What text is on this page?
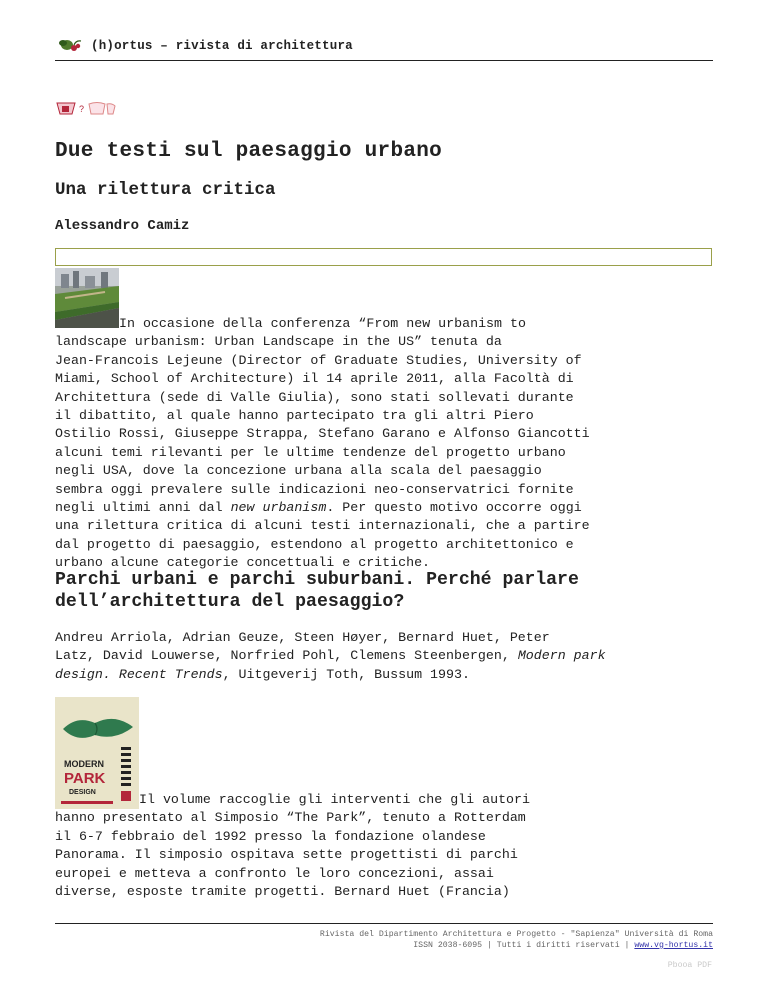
(h)ortus – rivista di architettura
?
Due testi sul paesaggio urbano
Una rilettura critica

Alessandro Camiz

In occasione della conferenza “From new urbanism to
landscape urbanism: Urban Landscape in the US” tenuta da
Jean-Francois Lejeune (Director of Graduate Studies, University of
Miami, School of Architecture) il 14 aprile 2011, alla Facoltà di
Architettura (sede di Valle Giulia), sono stati sollevati durante
il dibattito, al quale hanno partecipato tra gli altri Piero
Ostilio Rossi, Giuseppe Strappa, Stefano Garano e Alfonso Giancotti
alcuni temi rilevanti per le ultime tendenze del progetto urbano
negli USA, dove la concezione urbana alla scala del paesaggio
sembra oggi prevalere sulle indicazioni neo-conservatrici fornite
negli ultimi anni dal new urbanism. Per questo motivo occorre oggi
una rilettura critica di alcuni testi internazionali, che a partire
dal progetto di paesaggio, estendono al progetto architettonico e
urbano alcune categorie concettuali e critiche.

Parchi urbani e parchi suburbani. Perché parlare
dell’architettura del paesaggio?

Andreu Arriola, Adrian Geuze, Steen Høyer, Bernard Huet, Peter
Latz, David Louwerse, Norfried Pohl, Clemens Steenbergen, Modern park
design. Recent Trends, Uitgeverij Toth, Bussum 1993.

MODERN
PARK
DESIGN	Il volume raccoglie gli interventi che gli autori
hanno presentato al Simposio “The Park”, tenuto a Rotterdam
il 6-7 febbraio del 1992 presso la fondazione olandese
Panorama. Il simposio ospitava sette progettisti di parchi
europei e metteva a confronto le loro concezioni, assai
diverse, esposte tramite progetti. Bernard Huet (Francia)

Rivista del Dipartimento Architettura e Progetto - "Sapienza" Università di Roma
ISSN 2038-6095 | Tutti i diritti riservati | www.vg-hortus.it
Pbooa PDF
